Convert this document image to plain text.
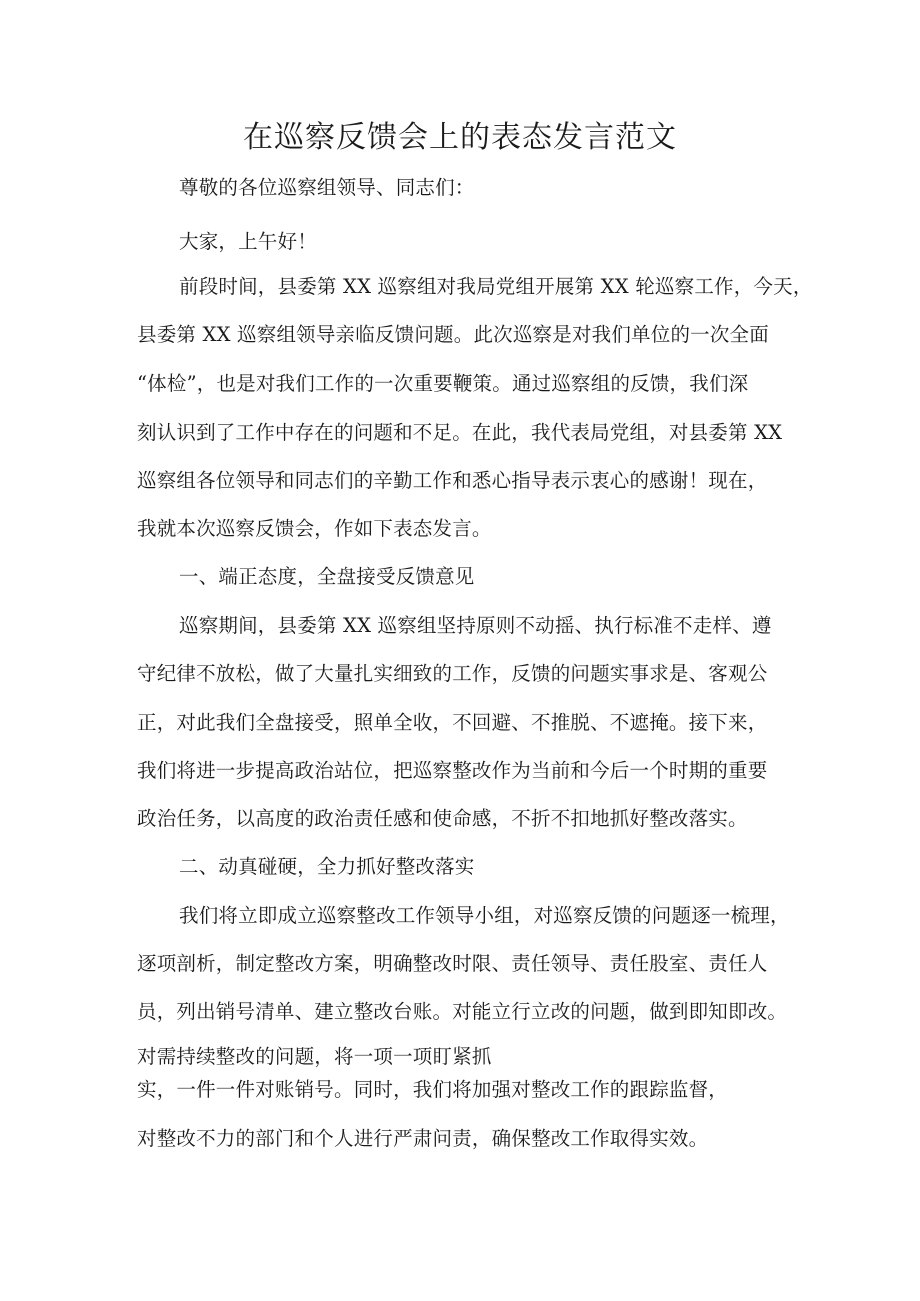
在巡察反馈会上的表态发言范文
尊敬的各位巡察组领导、同志们：
大家，上午好！
前段时间，县委第 XX 巡察组对我局党组开展第 XX 轮巡察工作，今天，
县委第 XX 巡察组领导亲临反馈问题。此次巡察是对我们单位的一次全面
“体检”，也是对我们工作的一次重要鞭策。通过巡察组的反馈，我们深
刻认识到了工作中存在的问题和不足。在此，我代表局党组，对县委第 XX
巡察组各位领导和同志们的辛勤工作和悉心指导表示衷心的感谢！现在，
我就本次巡察反馈会，作如下表态发言。
一、端正态度，全盘接受反馈意见
巡察期间，县委第 XX 巡察组坚持原则不动摇、执行标准不走样、遵
守纪律不放松，做了大量扎实细致的工作，反馈的问题实事求是、客观公
正，对此我们全盘接受，照单全收，不回避、不推脱、不遮掩。接下来，
我们将进一步提高政治站位，把巡察整改作为当前和今后一个时期的重要
政治任务，以高度的政治责任感和使命感，不折不扣地抓好整改落实。
二、动真碰硬，全力抓好整改落实
我们将立即成立巡察整改工作领导小组，对巡察反馈的问题逐一梳理，
逐项剖析，制定整改方案，明确整改时限、责任领导、责任股室、责任人
员，列出销号清单、建立整改台账。对能立行立改的问题，做到即知即改。
对需持续整改的问题，将一项一项盯紧抓
实，一件一件对账销号。同时，我们将加强对整改工作的跟踪监督，
对整改不力的部门和个人进行严肃问责，确保整改工作取得实效。
